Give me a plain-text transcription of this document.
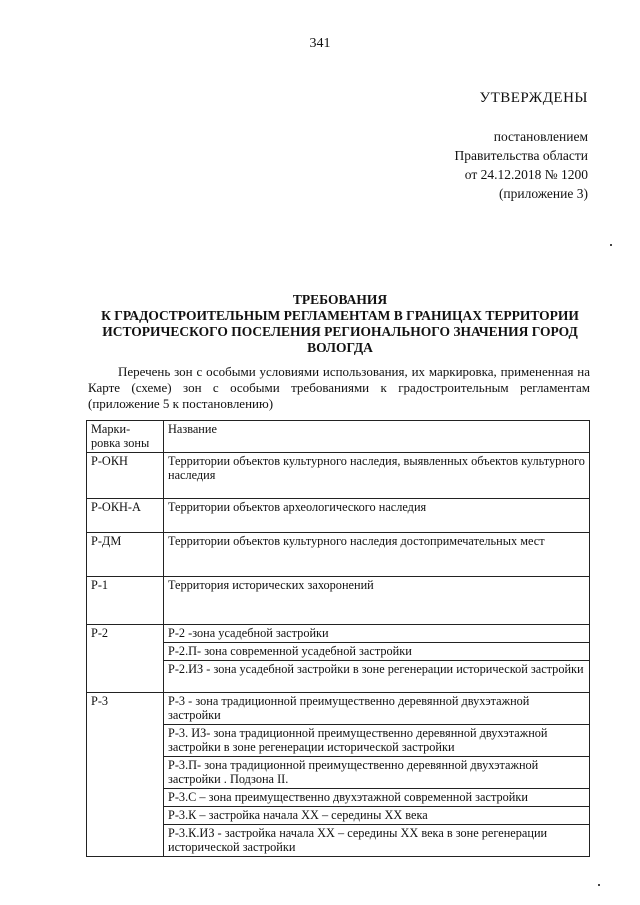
341
УТВЕРЖДЕНЫ
постановлением
Правительства области
от 24.12.2018 № 1200
(приложение 3)
ТРЕБОВАНИЯ
К ГРАДОСТРОИТЕЛЬНЫМ РЕГЛАМЕНТАМ В ГРАНИЦАХ ТЕРРИТОРИИ
ИСТОРИЧЕСКОГО ПОСЕЛЕНИЯ РЕГИОНАЛЬНОГО ЗНАЧЕНИЯ ГОРОД
ВОЛОГДА

Перечень зон с особыми условиями использования, их маркировка, примененная на Карте (схеме) зон с особыми требованиями к градостроительным регламентам (приложение 5 к постановлению)

Марки-ровка зоны	Название
Р-ОКН	Территории объектов культурного наследия, выявленных объектов культурного наследия
Р-ОКН-А	Территории объектов археологического наследия
Р-ДМ	Территории объектов культурного наследия достопримечательных мест
Р-1	Территория исторических захоронений
Р-2	Р-2 -зона усадебной застройки
	Р-2.П- зона современной усадебной застройки
	Р-2.ИЗ - зона усадебной застройки в зоне регенерации исторической застройки
Р-3	Р-3 - зона традиционной преимущественно деревянной двухэтажной застройки
	Р-3. ИЗ- зона традиционной преимущественно деревянной двухэтажной застройки в зоне регенерации исторической застройки
	Р-3.П- зона традиционной преимущественно деревянной двухэтажной застройки . Подзона II.
	Р-3.С – зона преимущественно двухэтажной современной застройки
	Р-3.К – застройка начала XX – середины XX века
	Р-3.К.ИЗ - застройка начала XX – середины XX века в зоне регенерации исторической застройки
